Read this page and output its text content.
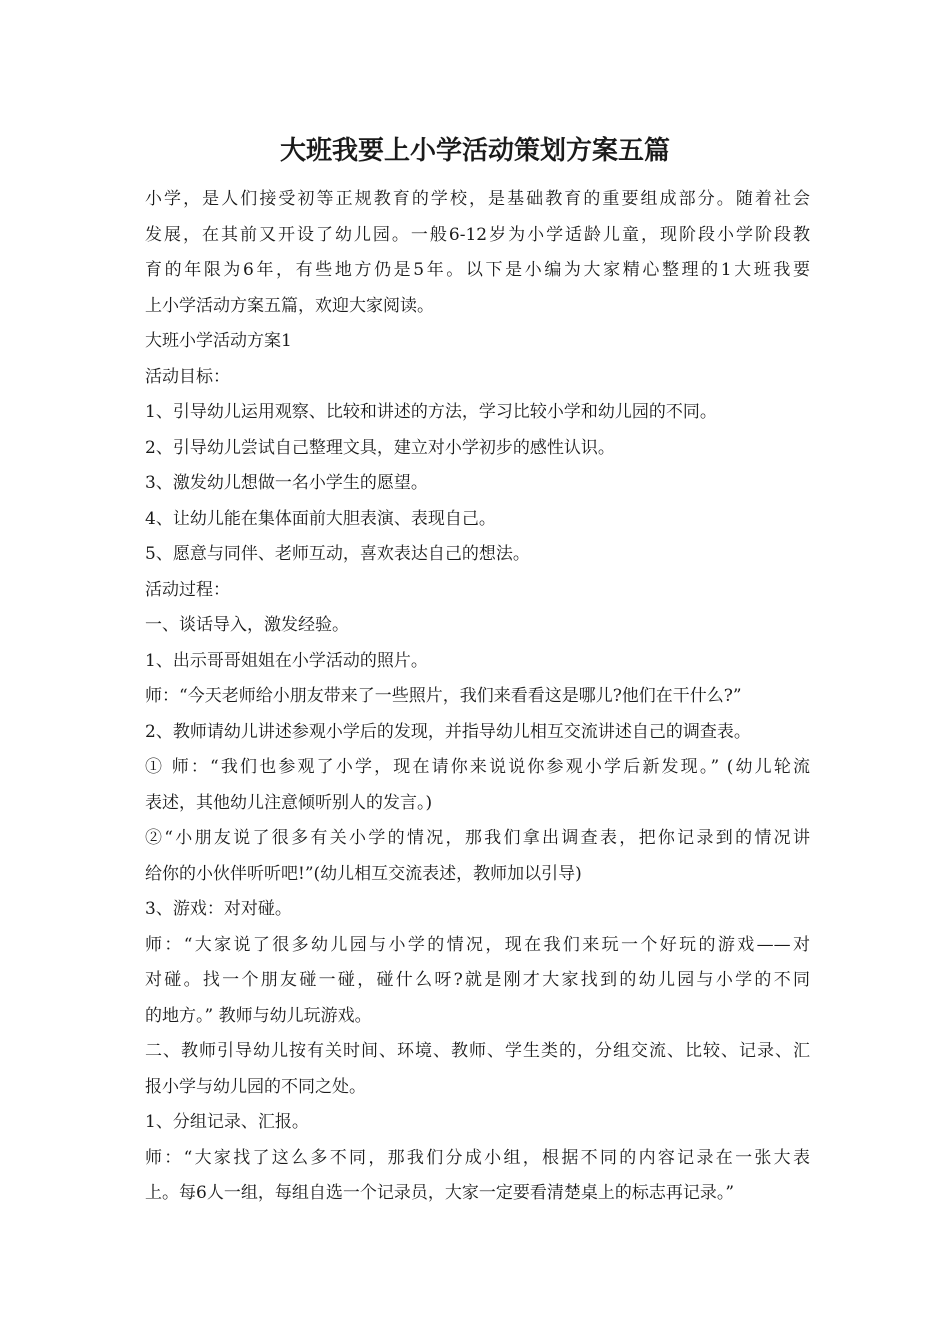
大班我要上小学活动策划方案五篇

小学，是人们接受初等正规教育的学校，是基础教育的重要组成部分。随着社会
发展，在其前又开设了幼儿园。一般6-12岁为小学适龄儿童，现阶段小学阶段教
育的年限为6年，有些地方仍是5年。以下是小编为大家精心整理的1大班我要
上小学活动方案五篇，欢迎大家阅读。

大班小学活动方案1

活动目标：

1、引导幼儿运用观察、比较和讲述的方法，学习比较小学和幼儿园的不同。

2、引导幼儿尝试自己整理文具，建立对小学初步的感性认识。

3、激发幼儿想做一名小学生的愿望。

4、让幼儿能在集体面前大胆表演、表现自己。

5、愿意与同伴、老师互动，喜欢表达自己的想法。

活动过程：

一、谈话导入，激发经验。

1、出示哥哥姐姐在小学活动的照片。

师：“今天老师给小朋友带来了一些照片，我们来看看这是哪儿?他们在干什么?”

2、教师请幼儿讲述参观小学后的发现，并指导幼儿相互交流讲述自己的调查表。

① 师：“我们也参观了小学，现在请你来说说你参观小学后新发现。” (幼儿轮流
表述，其他幼儿注意倾听别人的发言。)

②“小朋友说了很多有关小学的情况，那我们拿出调查表，把你记录到的情况讲
给你的小伙伴听听吧!”(幼儿相互交流表述，教师加以引导)

3、游戏：对对碰。

师：“大家说了很多幼儿园与小学的情况，现在我们来玩一个好玩的游戏——对
对碰。找一个朋友碰一碰，碰什么呀?就是刚才大家找到的幼儿园与小学的不同
的地方。” 教师与幼儿玩游戏。

二、教师引导幼儿按有关时间、环境、教师、学生类的，分组交流、比较、记录、汇
报小学与幼儿园的不同之处。

1、分组记录、汇报。

师：“大家找了这么多不同，那我们分成小组，根据不同的内容记录在一张大表
上。每6人一组，每组自选一个记录员，大家一定要看清楚桌上的标志再记录。”
